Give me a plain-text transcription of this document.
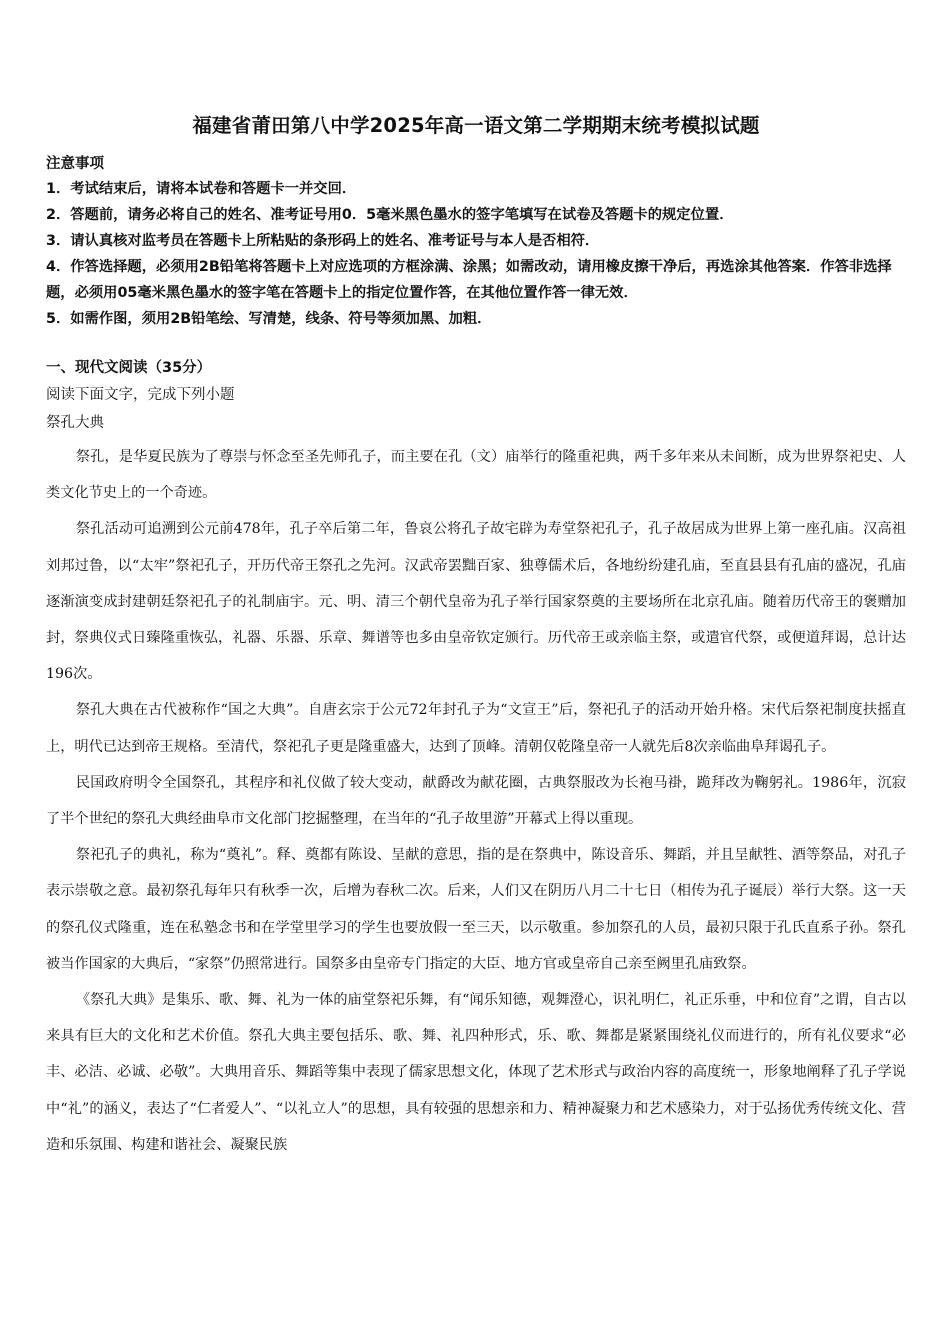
福建省莆田第八中学2025年高一语文第二学期期末统考模拟试题

注意事项

1．考试结束后，请将本试卷和答题卡一并交回．

2．答题前，请务必将自己的姓名、准考证号用0．5毫米黑色墨水的签字笔填写在试卷及答题卡的规定位置．

3．请认真核对监考员在答题卡上所粘贴的条形码上的姓名、准考证号与本人是否相符．

4．作答选择题，必须用2B铅笔将答题卡上对应选项的方框涂满、涂黑；如需改动，请用橡皮擦干净后，再选涂其他答案．作答非选择题，必须用05毫米黑色墨水的签字笔在答题卡上的指定位置作答，在其他位置作答一律无效．

5．如需作图，须用2B铅笔绘、写清楚，线条、符号等须加黑、加粗．

一、现代文阅读（35分）

阅读下面文字，完成下列小题

祭孔大典

祭孔，是华夏民族为了尊崇与怀念至圣先师孔子，而主要在孔（文）庙举行的隆重祀典，两千多年来从未间断，成为世界祭祀史、人类文化节史上的一个奇迹。

祭孔活动可追溯到公元前478年，孔子卒后第二年，鲁哀公将孔子故宅辟为寿堂祭祀孔子，孔子故居成为世界上第一座孔庙。汉高祖刘邦过鲁，以“太牢”祭祀孔子，开历代帝王祭孔之先河。汉武帝罢黜百家、独尊儒术后，各地纷纷建孔庙，至直县县有孔庙的盛况，孔庙逐渐演变成封建朝廷祭祀孔子的礼制庙宇。元、明、清三个朝代皇帝为孔子举行国家祭奠的主要场所在北京孔庙。随着历代帝王的褒赠加封，祭典仪式日臻隆重恢弘，礼器、乐器、乐章、舞谱等也多由皇帝钦定颁行。历代帝王或亲临主祭，或遣官代祭，或便道拜谒，总计达196次。

祭孔大典在古代被称作“国之大典”。自唐玄宗于公元72年封孔子为“文宣王”后，祭祀孔子的活动开始升格。宋代后祭祀制度扶摇直上，明代已达到帝王规格。至清代，祭祀孔子更是隆重盛大，达到了顶峰。清朝仅乾隆皇帝一人就先后8次亲临曲阜拜谒孔子。

民国政府明令全国祭孔，其程序和礼仪做了较大变动，献爵改为献花圈，古典祭服改为长袍马褂，跪拜改为鞠躬礼。1986年，沉寂了半个世纪的祭孔大典经曲阜市文化部门挖掘整理，在当年的“孔子故里游”开幕式上得以重现。

祭祀孔子的典礼，称为“奠礼”。释、奠都有陈设、呈献的意思，指的是在祭典中，陈设音乐、舞蹈，并且呈献牲、酒等祭品，对孔子表示崇敬之意。最初祭孔每年只有秋季一次，后增为春秋二次。后来，人们又在阴历八月二十七日（相传为孔子诞辰）举行大祭。这一天的祭孔仪式隆重，连在私塾念书和在学堂里学习的学生也要放假一至三天，以示敬重。参加祭孔的人员，最初只限于孔氏直系子孙。祭孔被当作国家的大典后，“家祭”仍照常进行。国祭多由皇帝专门指定的大臣、地方官或皇帝自己亲至阙里孔庙致祭。

《祭孔大典》是集乐、歌、舞、礼为一体的庙堂祭祀乐舞，有“闻乐知德，观舞澄心，识礼明仁，礼正乐垂，中和位育”之谓，自古以来具有巨大的文化和艺术价值。祭孔大典主要包括乐、歌、舞、礼四种形式，乐、歌、舞都是紧紧围绕礼仪而进行的，所有礼仪要求“必丰、必洁、必诚、必敬”。大典用音乐、舞蹈等集中表现了儒家思想文化，体现了艺术形式与政治内容的高度统一，形象地阐释了孔子学说中“礼”的涵义，表达了“仁者爱人”、“以礼立人”的思想，具有较强的思想亲和力、精神凝聚力和艺术感染力，对于弘扬优秀传统文化、营造和乐氛围、构建和谐社会、凝聚民族
